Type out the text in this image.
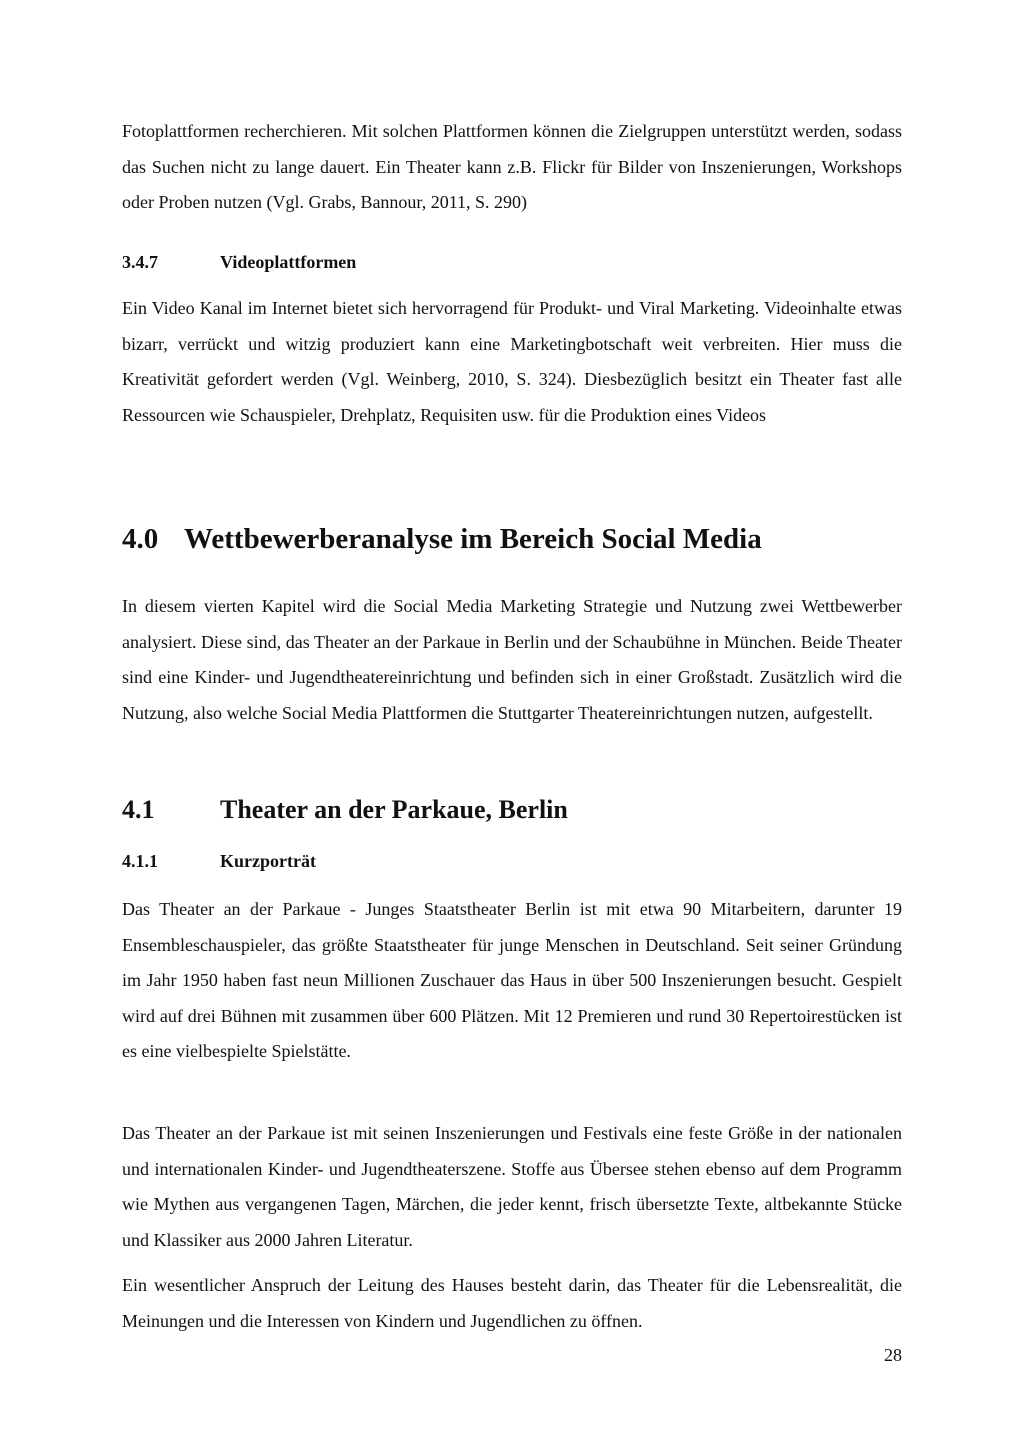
Fotoplattformen recherchieren. Mit solchen Plattformen können die Zielgruppen unterstützt werden, sodass das Suchen nicht zu lange dauert. Ein Theater kann z.B. Flickr für Bilder von Inszenierungen, Workshops oder Proben nutzen (Vgl. Grabs, Bannour, 2011, S. 290)

3.4.7	Videoplattformen

Ein Video Kanal im Internet bietet sich hervorragend für Produkt- und Viral Marketing. Videoinhalte etwas bizarr, verrückt und witzig produziert kann eine Marketingbotschaft weit verbreiten. Hier muss die Kreativität gefordert werden (Vgl. Weinberg, 2010, S. 324). Diesbezüglich besitzt ein Theater fast alle Ressourcen wie Schauspieler, Drehplatz, Requisiten usw. für die Produktion eines Videos

4.0 Wettbewerberanalyse im Bereich Social Media

In diesem vierten Kapitel wird die Social Media Marketing Strategie und Nutzung zwei Wettbewerber analysiert. Diese sind, das Theater an der Parkaue in Berlin und der Schaubühne in München. Beide Theater sind eine Kinder- und Jugendtheatereinrichtung und befinden sich in einer Großstadt. Zusätzlich wird die Nutzung, also welche Social Media Plattformen die Stuttgarter Theatereinrichtungen nutzen, aufgestellt.

4.1	Theater an der Parkaue, Berlin
4.1.1	Kurzporträt

Das Theater an der Parkaue - Junges Staatstheater Berlin ist mit etwa 90 Mitarbeitern, darunter 19 Ensembleschauspieler, das größte Staatstheater für junge Menschen in Deutschland. Seit seiner Gründung im Jahr 1950 haben fast neun Millionen Zuschauer das Haus in über 500 Inszenierungen besucht. Gespielt wird auf drei Bühnen mit zusammen über 600 Plätzen. Mit 12 Premieren und rund 30 Repertoirestücken ist es eine vielbespielte Spielstätte.

Das Theater an der Parkaue ist mit seinen Inszenierungen und Festivals eine feste Größe in der nationalen und internationalen Kinder- und Jugendtheaterszene. Stoffe aus Übersee stehen ebenso auf dem Programm wie Mythen aus vergangenen Tagen, Märchen, die jeder kennt, frisch übersetzte Texte, altbekannte Stücke und Klassiker aus 2000 Jahren Literatur.

Ein wesentlicher Anspruch der Leitung des Hauses besteht darin, das Theater für die Lebensrealität, die Meinungen und die Interessen von Kindern und Jugendlichen zu öffnen.

28
